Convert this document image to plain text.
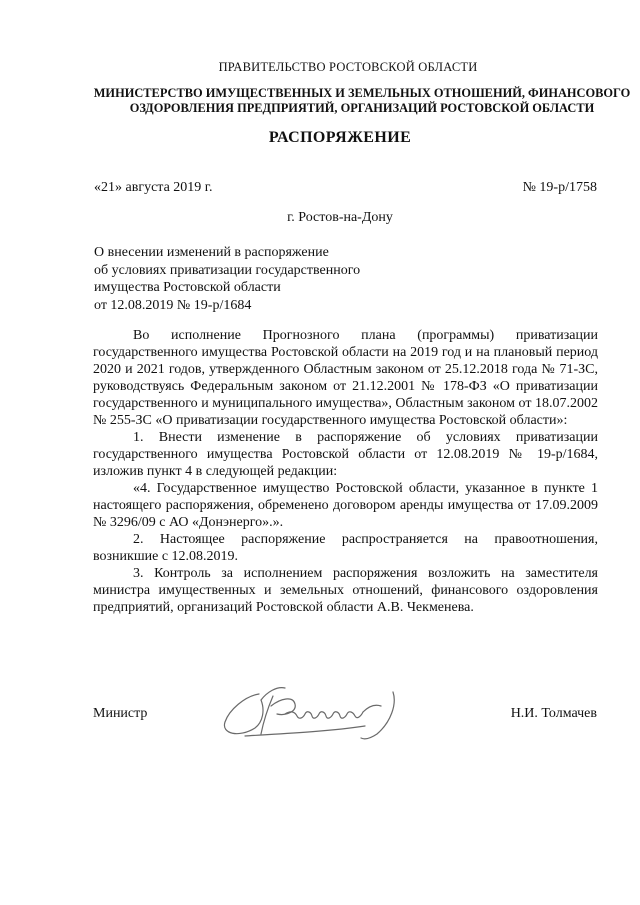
ПРАВИТЕЛЬСТВО РОСТОВСКОЙ ОБЛАСТИ
МИНИСТЕРСТВО ИМУЩЕСТВЕННЫХ И ЗЕМЕЛЬНЫХ ОТНОШЕНИЙ, ФИНАНСОВОГО
ОЗДОРОВЛЕНИЯ ПРЕДПРИЯТИЙ, ОРГАНИЗАЦИЙ РОСТОВСКОЙ ОБЛАСТИ
РАСПОРЯЖЕНИЕ
«21» августа 2019 г.	№ 19-р/1758
г. Ростов-на-Дону
О внесении изменений в распоряжение
об условиях приватизации государственного
имущества Ростовской области
от 12.08.2019 № 19-р/1684

Во исполнение Прогнозного плана (программы) приватизации государственного имущества Ростовской области на 2019 год и на плановый период 2020 и 2021 годов, утвержденного Областным законом от 25.12.2018 года № 71-ЗС, руководствуясь Федеральным законом от 21.12.2001 № 178-ФЗ «О приватизации государственного и муниципального имущества», Областным законом от 18.07.2002 № 255-ЗС «О приватизации государственного имущества Ростовской области»:

1. Внести изменение в распоряжение об условиях приватизации государственного имущества Ростовской области от 12.08.2019 № 19-р/1684, изложив пункт 4 в следующей редакции:

«4. Государственное имущество Ростовской области, указанное в пункте 1 настоящего распоряжения, обременено договором аренды имущества от 17.09.2009 № 3296/09 с АО «Донэнерго».».

2. Настоящее распоряжение распространяется на правоотношения, возникшие с 12.08.2019.

3. Контроль за исполнением распоряжения возложить на заместителя министра имущественных и земельных отношений, финансового оздоровления предприятий, организаций Ростовской области А.В. Чекменева.

Министр	Н.И. Толмачев
